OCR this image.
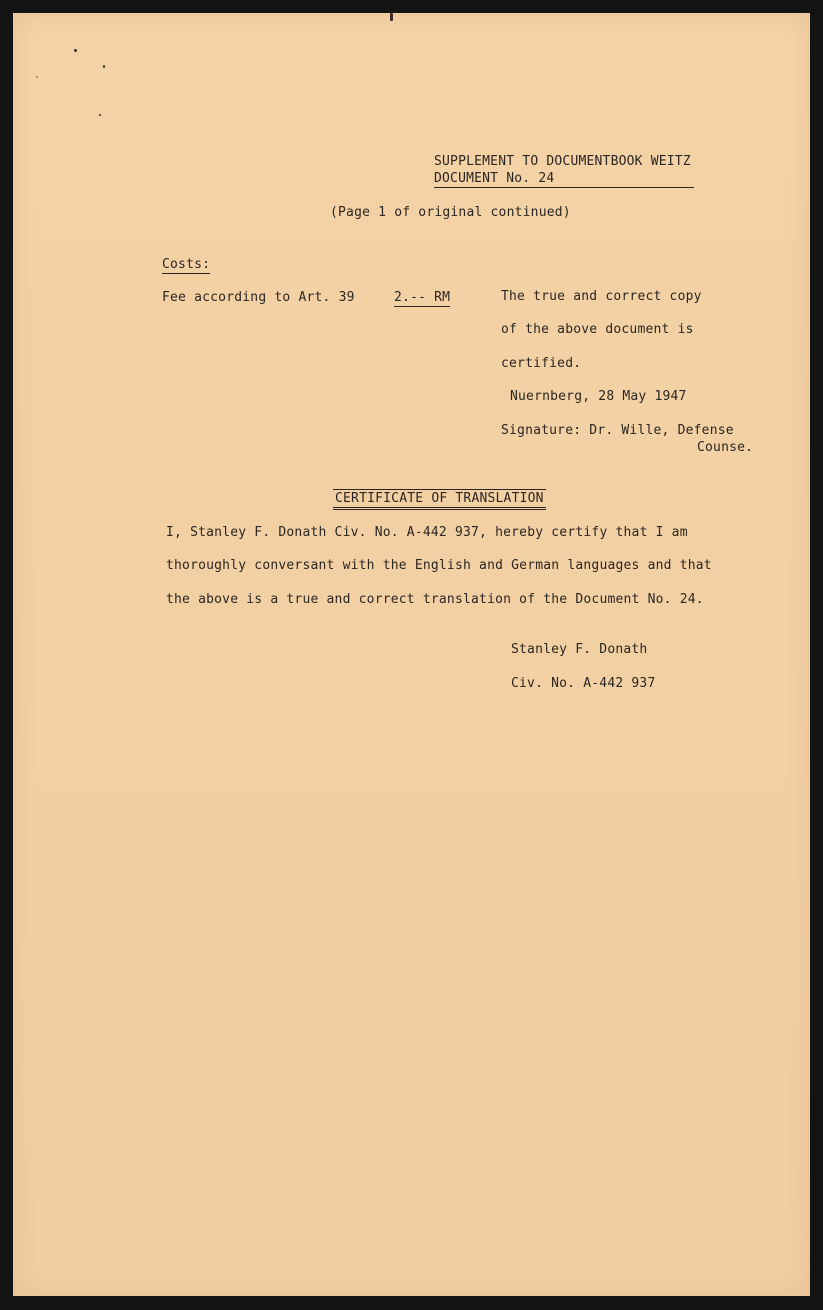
SUPPLEMENT TO DOCUMENTBOOK WEITZ
DOCUMENT No. 24
(Page 1 of original continued)
Costs:
Fee according to Art. 39	2.-- RM	The true and correct copy
of the above document is
certified.
Nuernberg, 28 May 1947
Signature: Dr. Wille, Defense
Counse.
CERTIFICATE OF TRANSLATION
I, Stanley F. Donath Civ. No. A-442 937, hereby certify that I am
thoroughly conversant with the English and German languages and that
the above is a true and correct translation of the Document No. 24.
Stanley F. Donath
Civ. No. A-442 937
